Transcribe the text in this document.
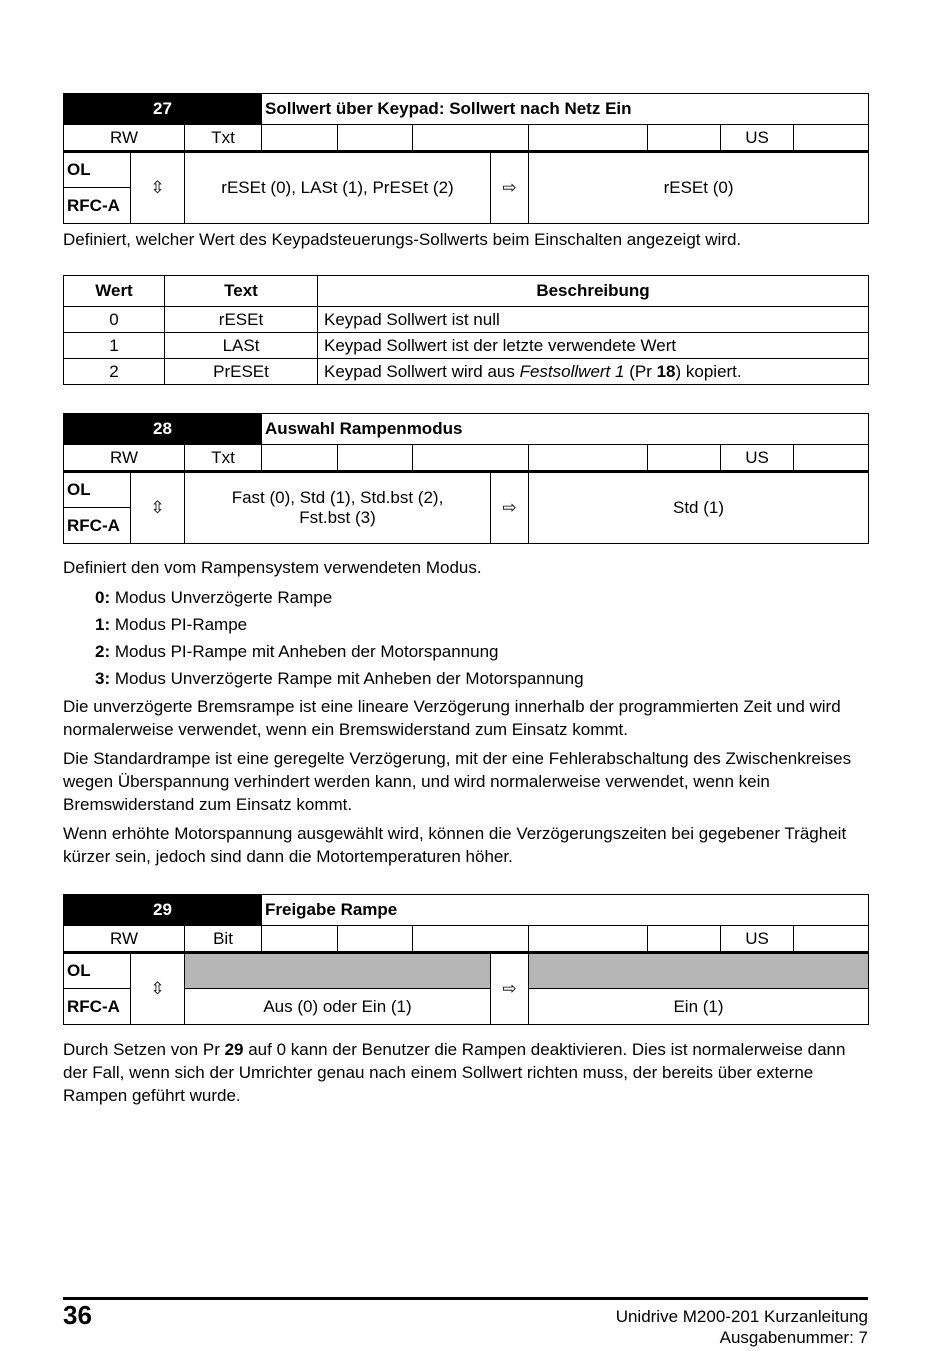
27			Sollwert über Keypad: Sollwert nach Netz Ein							
RW		Txt							US	
OL	⇳	rESEt (0), LASt (1), PrESEt (2)				⇨	rESEt (0)			
RFC-A										

Definiert, welcher Wert des Keypadsteuerungs-Sollwerts beim Einschalten angezeigt wird.

Wert	Text	Beschreibung
0	rESEt	Keypad Sollwert ist null
1	LASt	Keypad Sollwert ist der letzte verwendete Wert
2	PrESEt	Keypad Sollwert wird aus Festsollwert 1 (Pr 18) kopiert.
28			Auswahl Rampenmodus							
RW		Txt							US	
OL	⇳	Fast (0), Std (1), Std.bst (2),
Fst.bst (3)				⇨	Std (1)			
RFC-A										

Definiert den vom Rampensystem verwendeten Modus.

0: Modus Unverzögerte Rampe
1: Modus PI-Rampe
2: Modus PI-Rampe mit Anheben der Motorspannung
3: Modus Unverzögerte Rampe mit Anheben der Motorspannung

Die unverzögerte Bremsrampe ist eine lineare Verzögerung innerhalb der programmierten Zeit und wird normalerweise verwendet, wenn ein Bremswiderstand zum Einsatz kommt.

Die Standardrampe ist eine geregelte Verzögerung, mit der eine Fehlerabschaltung des Zwischenkreises wegen Überspannung verhindert werden kann, und wird normalerweise verwendet, wenn kein Bremswiderstand zum Einsatz kommt.

Wenn erhöhte Motorspannung ausgewählt wird, können die Verzögerungszeiten bei gegebener Trägheit kürzer sein, jedoch sind dann die Motortemperaturen höher.

29			Freigabe Rampe							
RW		Bit							US	
OL	⇳					⇨				
RFC-A		Aus (0) oder Ein (1)					Ein (1)			

Durch Setzen von Pr 29 auf 0 kann der Benutzer die Rampen deaktivieren. Dies ist normalerweise dann der Fall, wenn sich der Umrichter genau nach einem Sollwert richten muss, der bereits über externe Rampen geführt wurde.

36	Unidrive M200-201 Kurzanleitung
Ausgabenummer: 7
